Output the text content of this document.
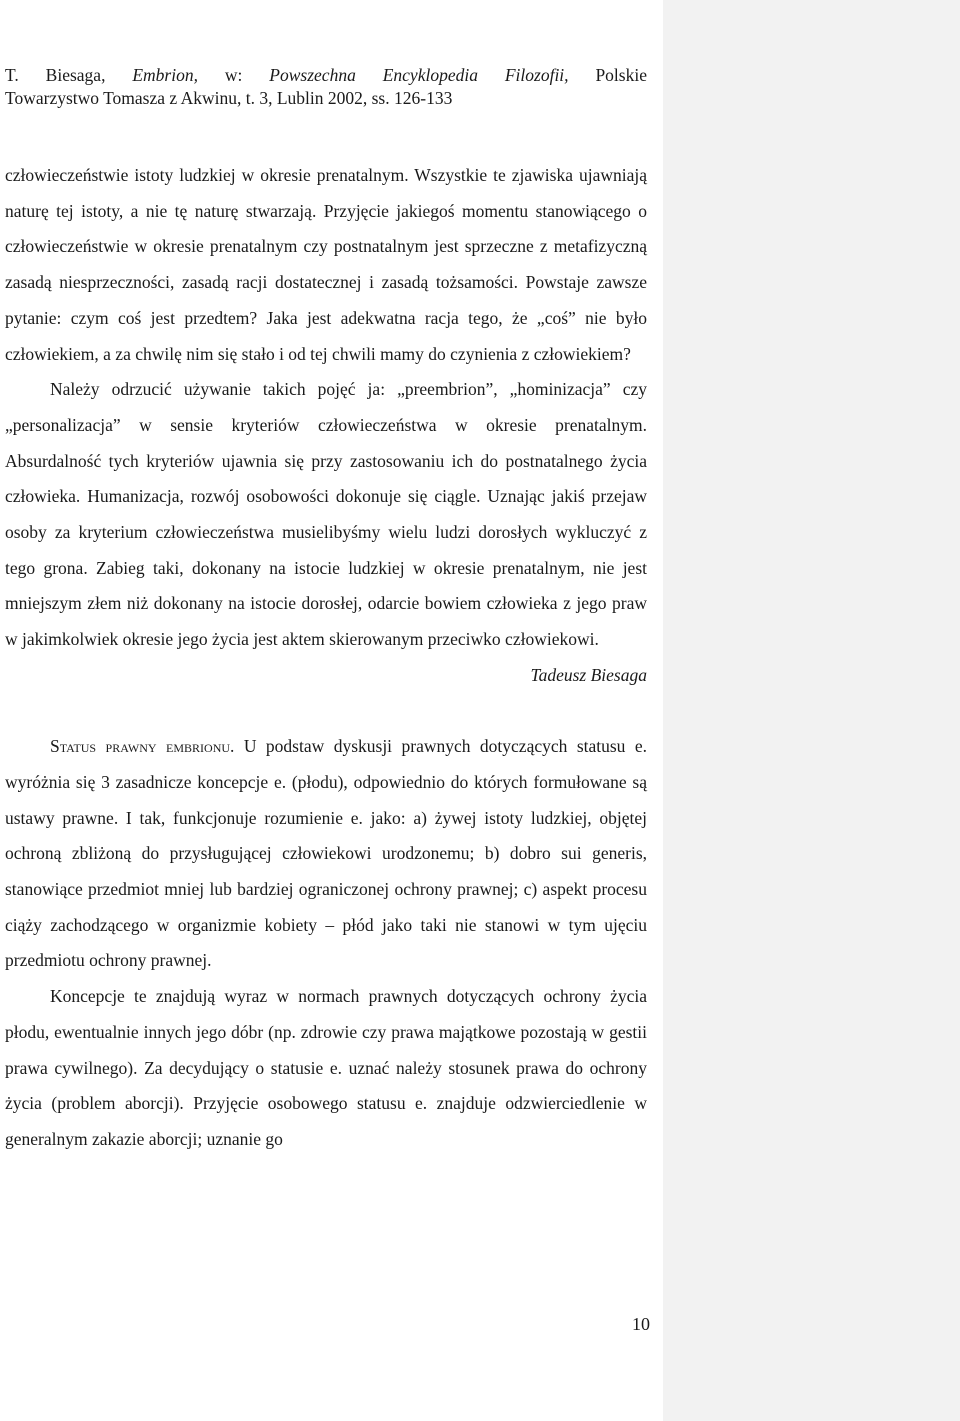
T. Biesaga, Embrion, w: Powszechna Encyklopedia Filozofii, Polskie
Towarzystwo Tomasza z Akwinu, t. 3, Lublin 2002, ss. 126-133

człowieczeństwie istoty ludzkiej w okresie prenatalnym. Wszystkie te zjawiska ujawniają naturę tej istoty, a nie tę naturę stwarzają. Przyjęcie jakiegoś momentu stanowiącego o człowieczeństwie w okresie prenatalnym czy postnatalnym jest sprzeczne z metafizyczną zasadą niesprzeczności, zasadą racji dostatecznej i zasadą tożsamości. Powstaje zawsze pytanie: czym coś jest przedtem? Jaka jest adekwatna racja tego, że „coś” nie było człowiekiem, a za chwilę nim się stało i od tej chwili mamy do czynienia z człowiekiem?

Należy odrzucić używanie takich pojęć ja: „preembrion”, „hominizacja” czy „personalizacja” w sensie kryteriów człowieczeństwa w okresie prenatalnym. Absurdalność tych kryteriów ujawnia się przy zastosowaniu ich do postnatalnego życia człowieka. Humanizacja, rozwój osobowości dokonuje się ciągle. Uznając jakiś przejaw osoby za kryterium człowieczeństwa musielibyśmy wielu ludzi dorosłych wykluczyć z tego grona. Zabieg taki, dokonany na istocie ludzkiej w okresie prenatalnym, nie jest mniejszym złem niż dokonany na istocie dorosłej, odarcie bowiem człowieka z jego praw w jakimkolwiek okresie jego życia jest aktem skierowanym przeciwko człowiekowi.

Tadeusz Biesaga

Status prawny embrionu. U podstaw dyskusji prawnych dotyczących statusu e. wyróżnia się 3 zasadnicze koncepcje e. (płodu), odpowiednio do których formułowane są ustawy prawne. I tak, funkcjonuje rozumienie e. jako: a) żywej istoty ludzkiej, objętej ochroną zbliżoną do przysługującej człowiekowi urodzonemu; b) dobro sui generis, stanowiące przedmiot mniej lub bardziej ograniczonej ochrony prawnej; c) aspekt procesu ciąży zachodzącego w organizmie kobiety – płód jako taki nie stanowi w tym ujęciu przedmiotu ochrony prawnej.

Koncepcje te znajdują wyraz w normach prawnych dotyczących ochrony życia płodu, ewentualnie innych jego dóbr (np. zdrowie czy prawa majątkowe pozostają w gestii prawa cywilnego). Za decydujący o statusie e. uznać należy stosunek prawa do ochrony życia (problem aborcji). Przyjęcie osobowego statusu e. znajduje odzwierciedlenie w generalnym zakazie aborcji; uznanie go

10
